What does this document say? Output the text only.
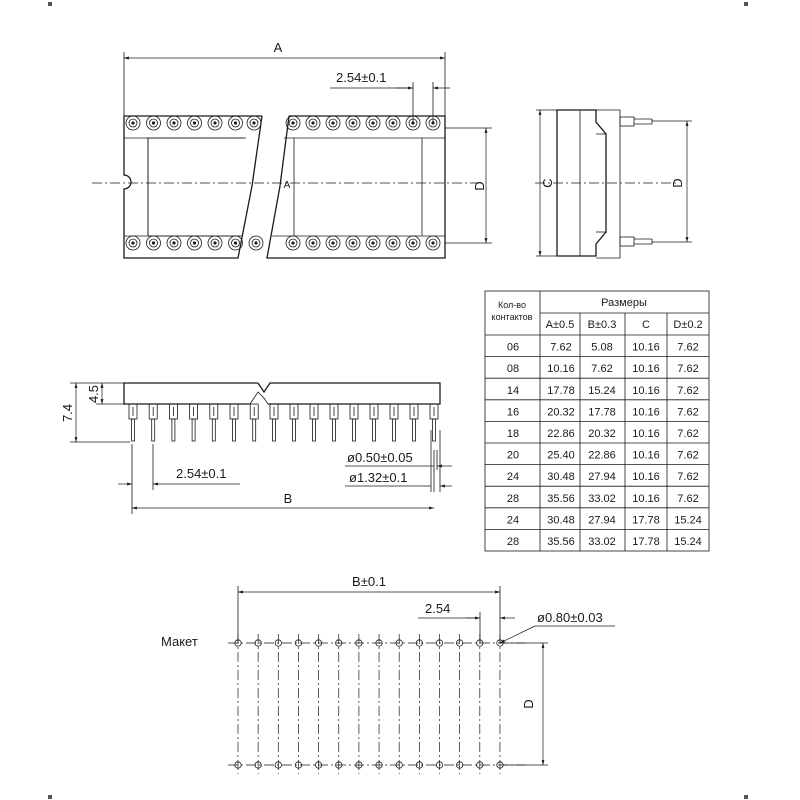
A
A
2.54±0.1
D	C	D
7.4
4.5
ø0.50±0.05
ø1.32±0.1
2.54±0.1
B
Кол-во
контактов
Размеры
A±0.5 B±0.3 C D±0.2
06	7.62 5.08 10.16 7.62
08	10.16 7.62 10.16 7.62
14	17.78 15.24 10.16 7.62
16	20.32 17.78 10.16 7.62
18	22.86 20.32 10.16 7.62
20	25.40 22.86 10.16 7.62
24	30.48 27.94 10.16 7.62
28	35.56 33.02 10.16 7.62
24	30.48 27.94 17.78 15.24
28	35.56 33.02 17.78 15.24
Макет
B±0.1
2.54
ø0.80±0.03
D
